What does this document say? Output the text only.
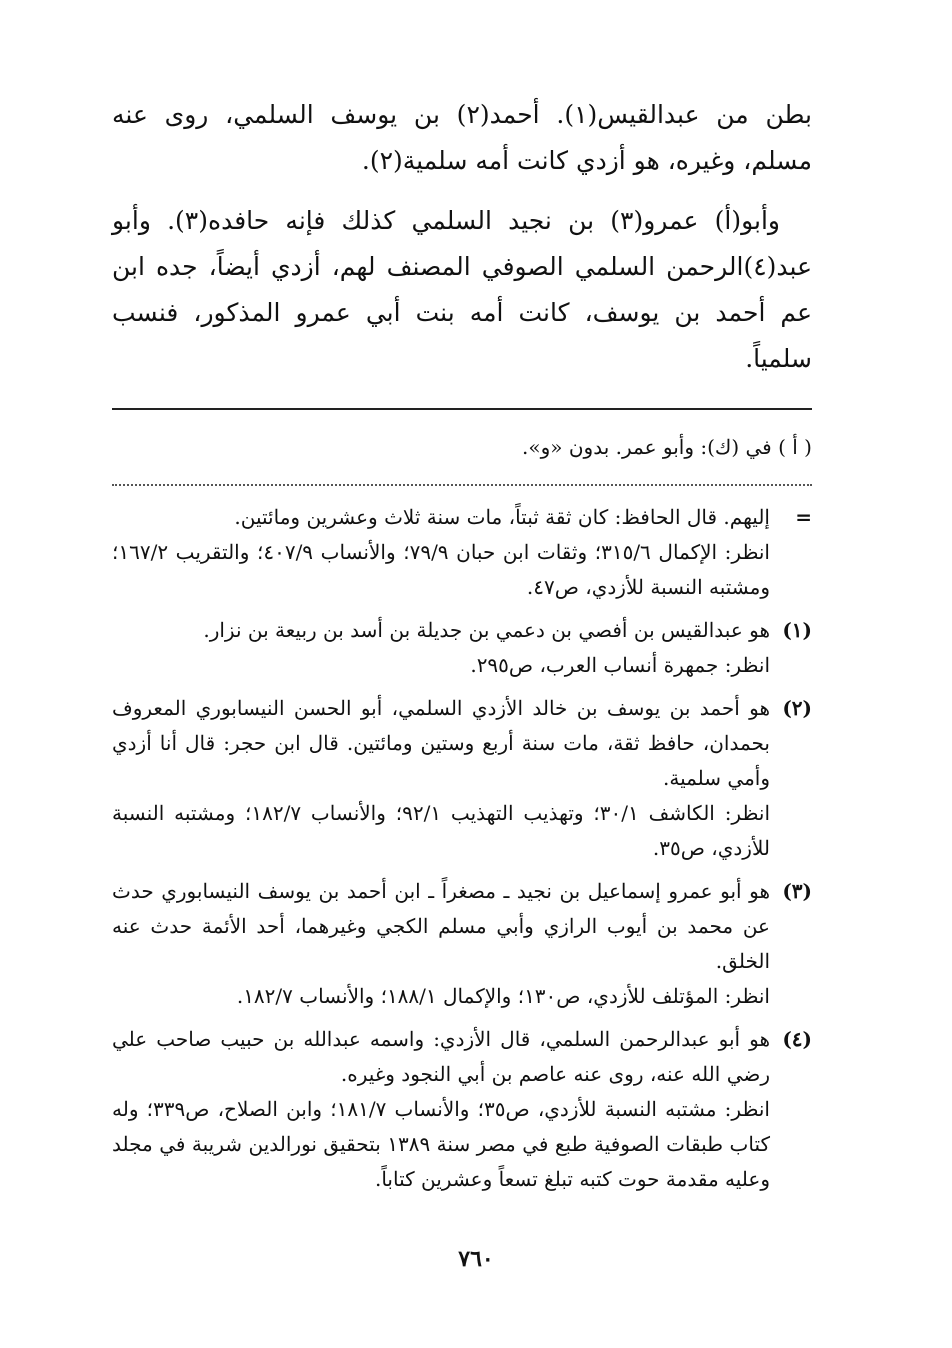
بطن من عبدالقيس(١). أحمد(٢) بن يوسف السلمي، روى عنه مسلم، وغيره، هو أزدي كانت أمه سلمية(٢).

وأبو(أ) عمرو(٣) بن نجيد السلمي كذلك فإنه حافده(٣). وأبو عبد(٤)الرحمن السلمي الصوفي المصنف لهم، أزدي أيضاً، جده ابن عم أحمد بن يوسف، كانت أمه بنت أبي عمرو المذكور، فنسب سلمياً.

( أ ) في (ك): وأبو عمر. بدون «و».
=
إليهم. قال الحافظ: كان ثقة ثبتاً، مات سنة ثلاث وعشرين ومائتين.
انظر: الإكمال ٣١٥/٦؛ وثقات ابن حبان ٧٩/٩؛ والأنساب ٤٠٧/٩؛ والتقريب ١٦٧/٢؛ ومشتبه النسبة للأزدي، ص٤٧.
(١)
هو عبدالقيس بن أفصي بن دعمي بن جديلة بن أسد بن ربيعة بن نزار.
انظر: جمهرة أنساب العرب، ص٢٩٥.
(٢)
هو أحمد بن يوسف بن خالد الأزدي السلمي، أبو الحسن النيسابوري المعروف بحمدان، حافظ ثقة، مات سنة أربع وستين ومائتين. قال ابن حجر: قال أنا أزدي وأمي سلمية.
انظر: الكاشف ٣٠/١؛ وتهذيب التهذيب ٩٢/١؛ والأنساب ١٨٢/٧؛ ومشتبه النسبة للأزدي، ص٣٥.
(٣)
هو أبو عمرو إسماعيل بن نجيد ـ مصغراً ـ ابن أحمد بن يوسف النيسابوري حدث عن محمد بن أيوب الرازي وأبي مسلم الكجي وغيرهما، أحد الأئمة حدث عنه الخلق.
انظر: المؤتلف للأزدي، ص١٣٠؛ والإكمال ١٨٨/١؛ والأنساب ١٨٢/٧.
(٤)
هو أبو عبدالرحمن السلمي، قال الأزدي: واسمه عبدالله بن حبيب صاحب علي رضي الله عنه، روى عنه عاصم بن أبي النجود وغيره.
انظر: مشتبه النسبة للأزدي، ص٣٥؛ والأنساب ١٨١/٧؛ وابن الصلاح، ص٣٣٩؛ وله كتاب طبقات الصوفية طبع في مصر سنة ١٣٨٩ بتحقيق نورالدين شريبة في مجلد وعليه مقدمة حوت كتبه تبلغ تسعاً وعشرين كتاباً.
٧٦٠
